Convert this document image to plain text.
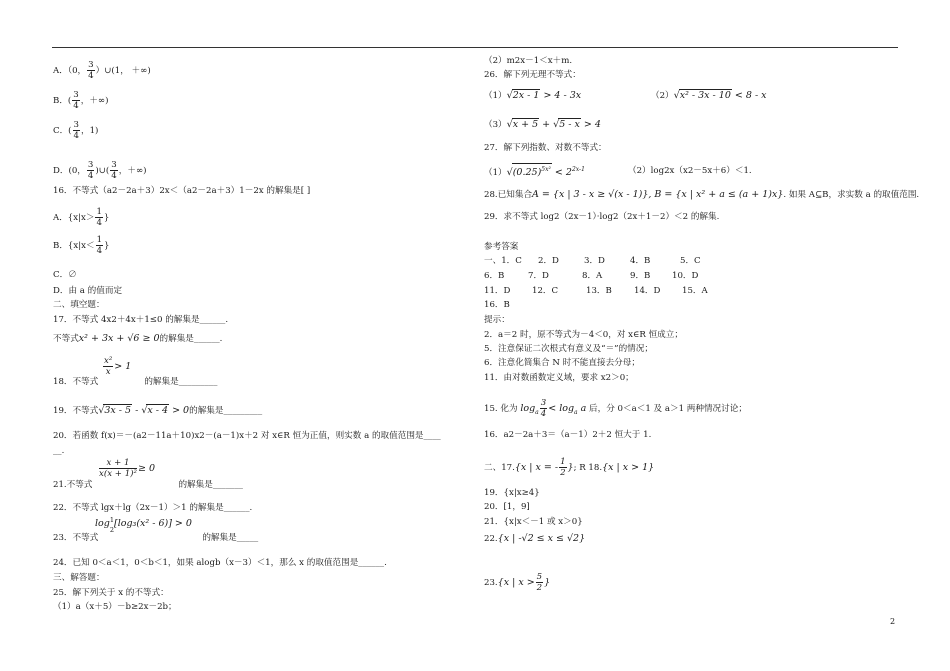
A．（0， $\frac{3}{4}$ ）∪(1， ＋∞)
B．( $\frac{3}{4}$ ，＋∞)
C．( $\frac{3}{4}$ ，1)
D．(0， $\frac{3}{4}$ )∪( $\frac{3}{4}$ ，＋∞)
16．不等式（a2－2a＋3）2x＜（a2－2a＋3）1－2x 的解集是[ ]
A．{$x|x> \frac{1}{4}$ }
B．{$x|x< \frac{1}{4}$ }
C．∅
D．由 a 的值而定
二、填空题：
17．不等式 4x2＋4x＋1≤0 的解集是______.
不等式x² + 3x + √6 ≥ 0的解集是______.
$\frac{\text{x²}}{x} > 1$
18．不等式	的解集是_________
19．不等式√3x - 5 - √x - 4 > 0的解集是_________
20．若函数 f(x)＝－(a2－11a＋10)x2－(a－1)x＋2 对 x∈R 恒为正值，则实数 a 的取值范围是____
__.
$\frac{x + 1}{\text{x(x + 1)²}} \ge 0$
21.不等式	的解集是_______
22．不等式 lgx＋lg（2x－1）＞1 的解集是______.
log 1
2
[log₃(x² - 6)] > 0
23．不等式	的解集是_____
24．已知 0＜a＜1，0＜b＜1，如果 alogb（x－3）＜1，那么 x 的取值范围是______.
三、解答题：
25．解下列关于 x 的不等式：
（1）a（x＋5）－b≥2x－2b；
（2）m2x－1＜x＋m.
26．解下列无理不等式：
（1）√2x - 1 > 4 - 3x	（2）√x² - 3x - 10 < 8 - x
（3）√x + 5 + √5 - x > 4
27．解下列指数、对数不等式：
$(1)√(0.25)^{5x^2} < 2^{2x-1}$	（2）log2x（x2－5x＋6）＜1.
28.已知集合A = {x | 3 - x ≥ √(x - 1)}, B = {x | x² + a ≤ (a + 1)x}. 如果 A⊆B，求实数 a 的取值范围.
29．求不等式 log2（2x－1）·log2（2x＋1－2）＜2 的解集.
参考答案
一、1．C 2．D	3．D	4．B	5．C
6．B	7．D	8．A	9．B	10．D
11．D	12．C	13．B	14．D	15．A
16．B
提示：
2．a＝2 时，原不等式为－4＜0，对 x∈R 恒成立；
5．注意保证二次根式有意义及“＝”的情况；
6．注意化简集合 N 时不能直接去分母；
11．由对数函数定义域，要求 x2＞0；
15. 化为 $\log_a \frac{3}{4} < \log_a a$ 后，分 0＜a＜1 及 a＞1 两种情况讨论；
16．a2－2a＋3＝（a－1）2＋2 恒大于 1.
二、17.{x | x = - $\frac{1}{2}$ }; R 18.{x | x > 1}
19．{x|x≥4}
20．[1，9]
21．{x|x＜－1 或 x＞0}
22.{x | -√2 ≤ x ≤ √2}
23.{x | $x > \frac{5}{2}$ }
2
